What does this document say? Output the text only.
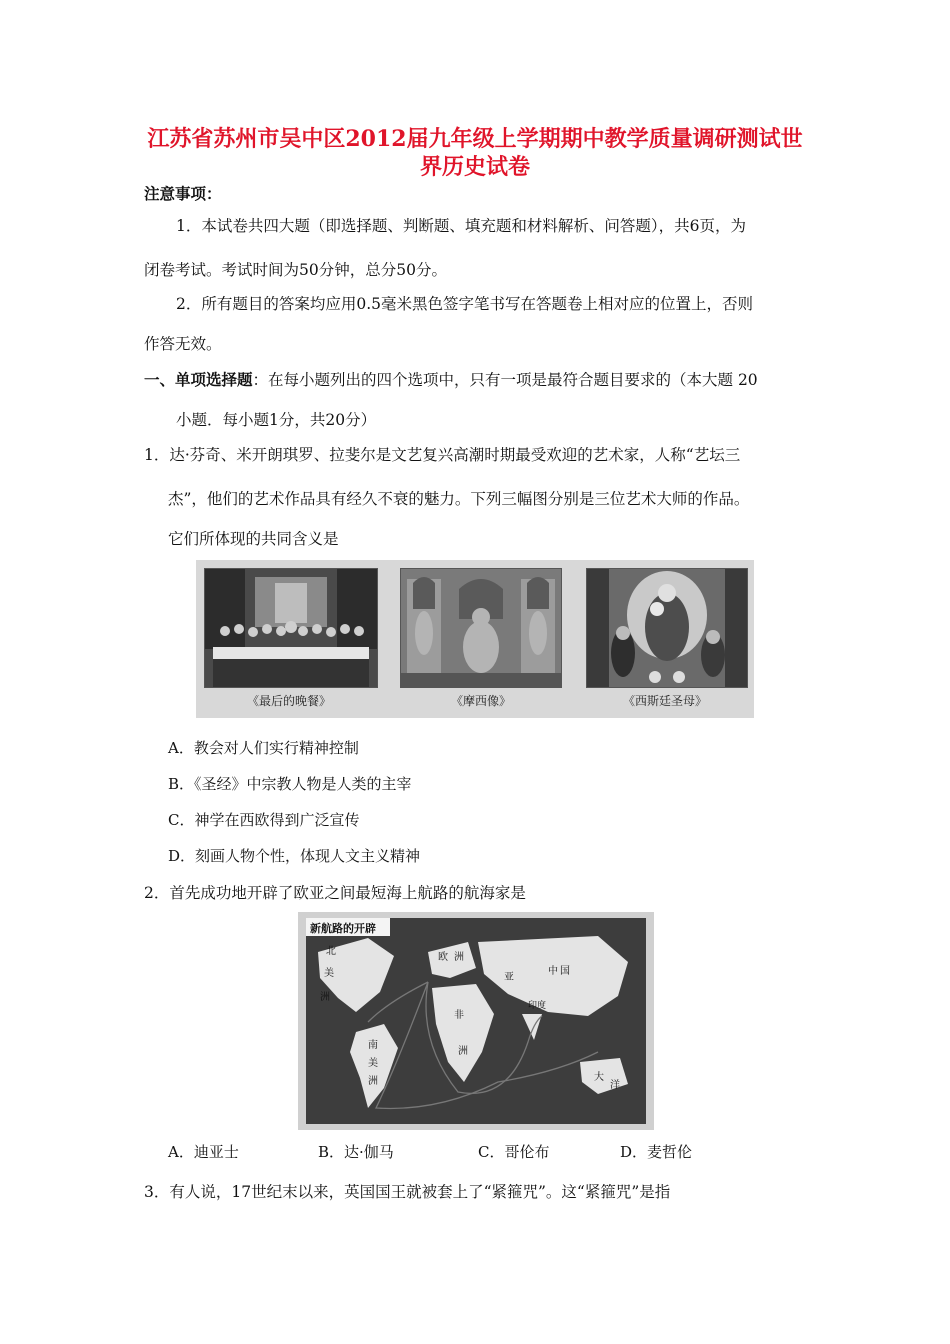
江苏省苏州市吴中区2012届九年级上学期期中教学质量调研测试世
界历史试卷
注意事项：
1．本试卷共四大题（即选择题、判断题、填充题和材料解析、问答题），共6页，为
闭卷考试。考试时间为50分钟，总分50分。
2．所有题目的答案均应用0.5毫米黑色签字笔书写在答题卷上相对应的位置上，否则
作答无效。
一、单项选择题：在每小题列出的四个选项中，只有一项是最符合题目要求的（本大题 20
小题．每小题1分，共20分）
1．达·芬奇、米开朗琪罗、拉斐尔是文艺复兴高潮时期最受欢迎的艺术家，人称“艺坛三
杰”，他们的艺术作品具有经久不衰的魅力。下列三幅图分别是三位艺术大师的作品。
它们所体现的共同含义是
《最后的晚餐》	《摩西像》	《西斯廷圣母》
A．教会对人们实行精神控制
B．《圣经》中宗教人物是人类的主宰
C．神学在西欧得到广泛宣传
D．刻画人物个性，体现人文主义精神
2．首先成功地开辟了欧亚之间最短海上航路的航海家是
新航路的开辟
北
美
洲
欧 洲
亚
中 国
印度
非
洲
南
美
洲	大
洋
A．迪亚士	B．达·伽马	C．哥伦布	D．麦哲伦
3．有人说，17世纪末以来，英国国王就被套上了“紧箍咒”。这“紧箍咒”是指
